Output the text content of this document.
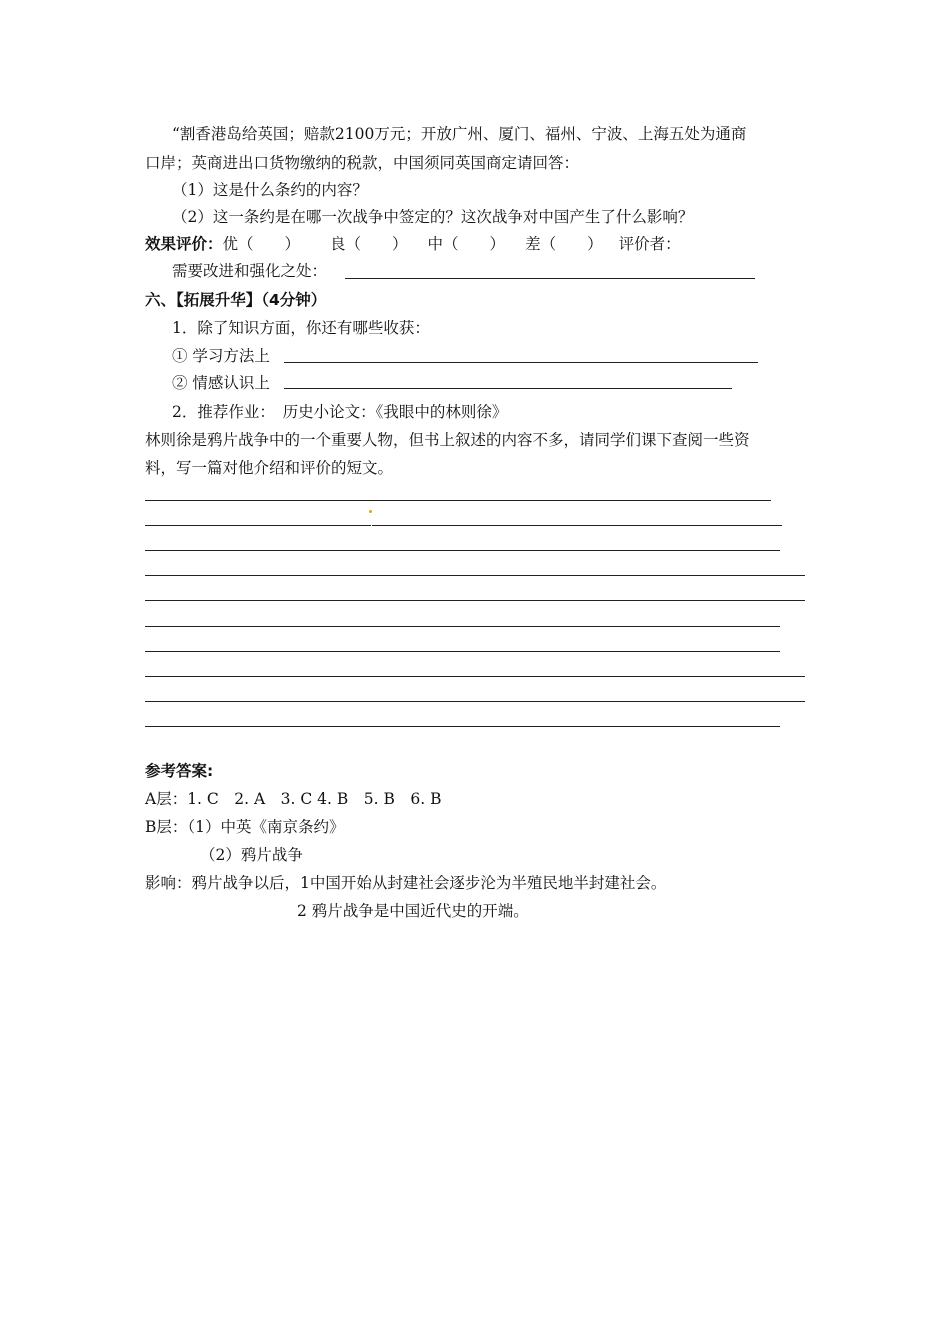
“割香港岛给英国；赔款2100万元；开放广州、厦门、福州、宁波、上海五处为通商
口岸；英商进出口货物缴纳的税款，中国须同英国商定请回答：
（1）这是什么条约的内容？
（2）这一条约是在哪一次战争中签定的？这次战争对中国产生了什么影响？
效果评价：优（　　） 良（　　） 中（　　） 差（　　） 评价者：
需要改进和强化之处：
六、【拓展升华】（4分钟）
1．除了知识方面，你还有哪些收获：
① 学习方法上
② 情感认识上
2．推荐作业：　历史小论文：《我眼中的林则徐》
林则徐是鸦片战争中的一个重要人物，但书上叙述的内容不多，请同学们课下查阅一些资
料，写一篇对他介绍和评价的短文。
参考答案:
A层：1. C　2. A　3. C 4. B　5. B　6. B
B层：（1）中英《南京条约》
（2）鸦片战争
影响：鸦片战争以后，1中国开始从封建社会逐步沦为半殖民地半封建社会。
2 鸦片战争是中国近代史的开端。
